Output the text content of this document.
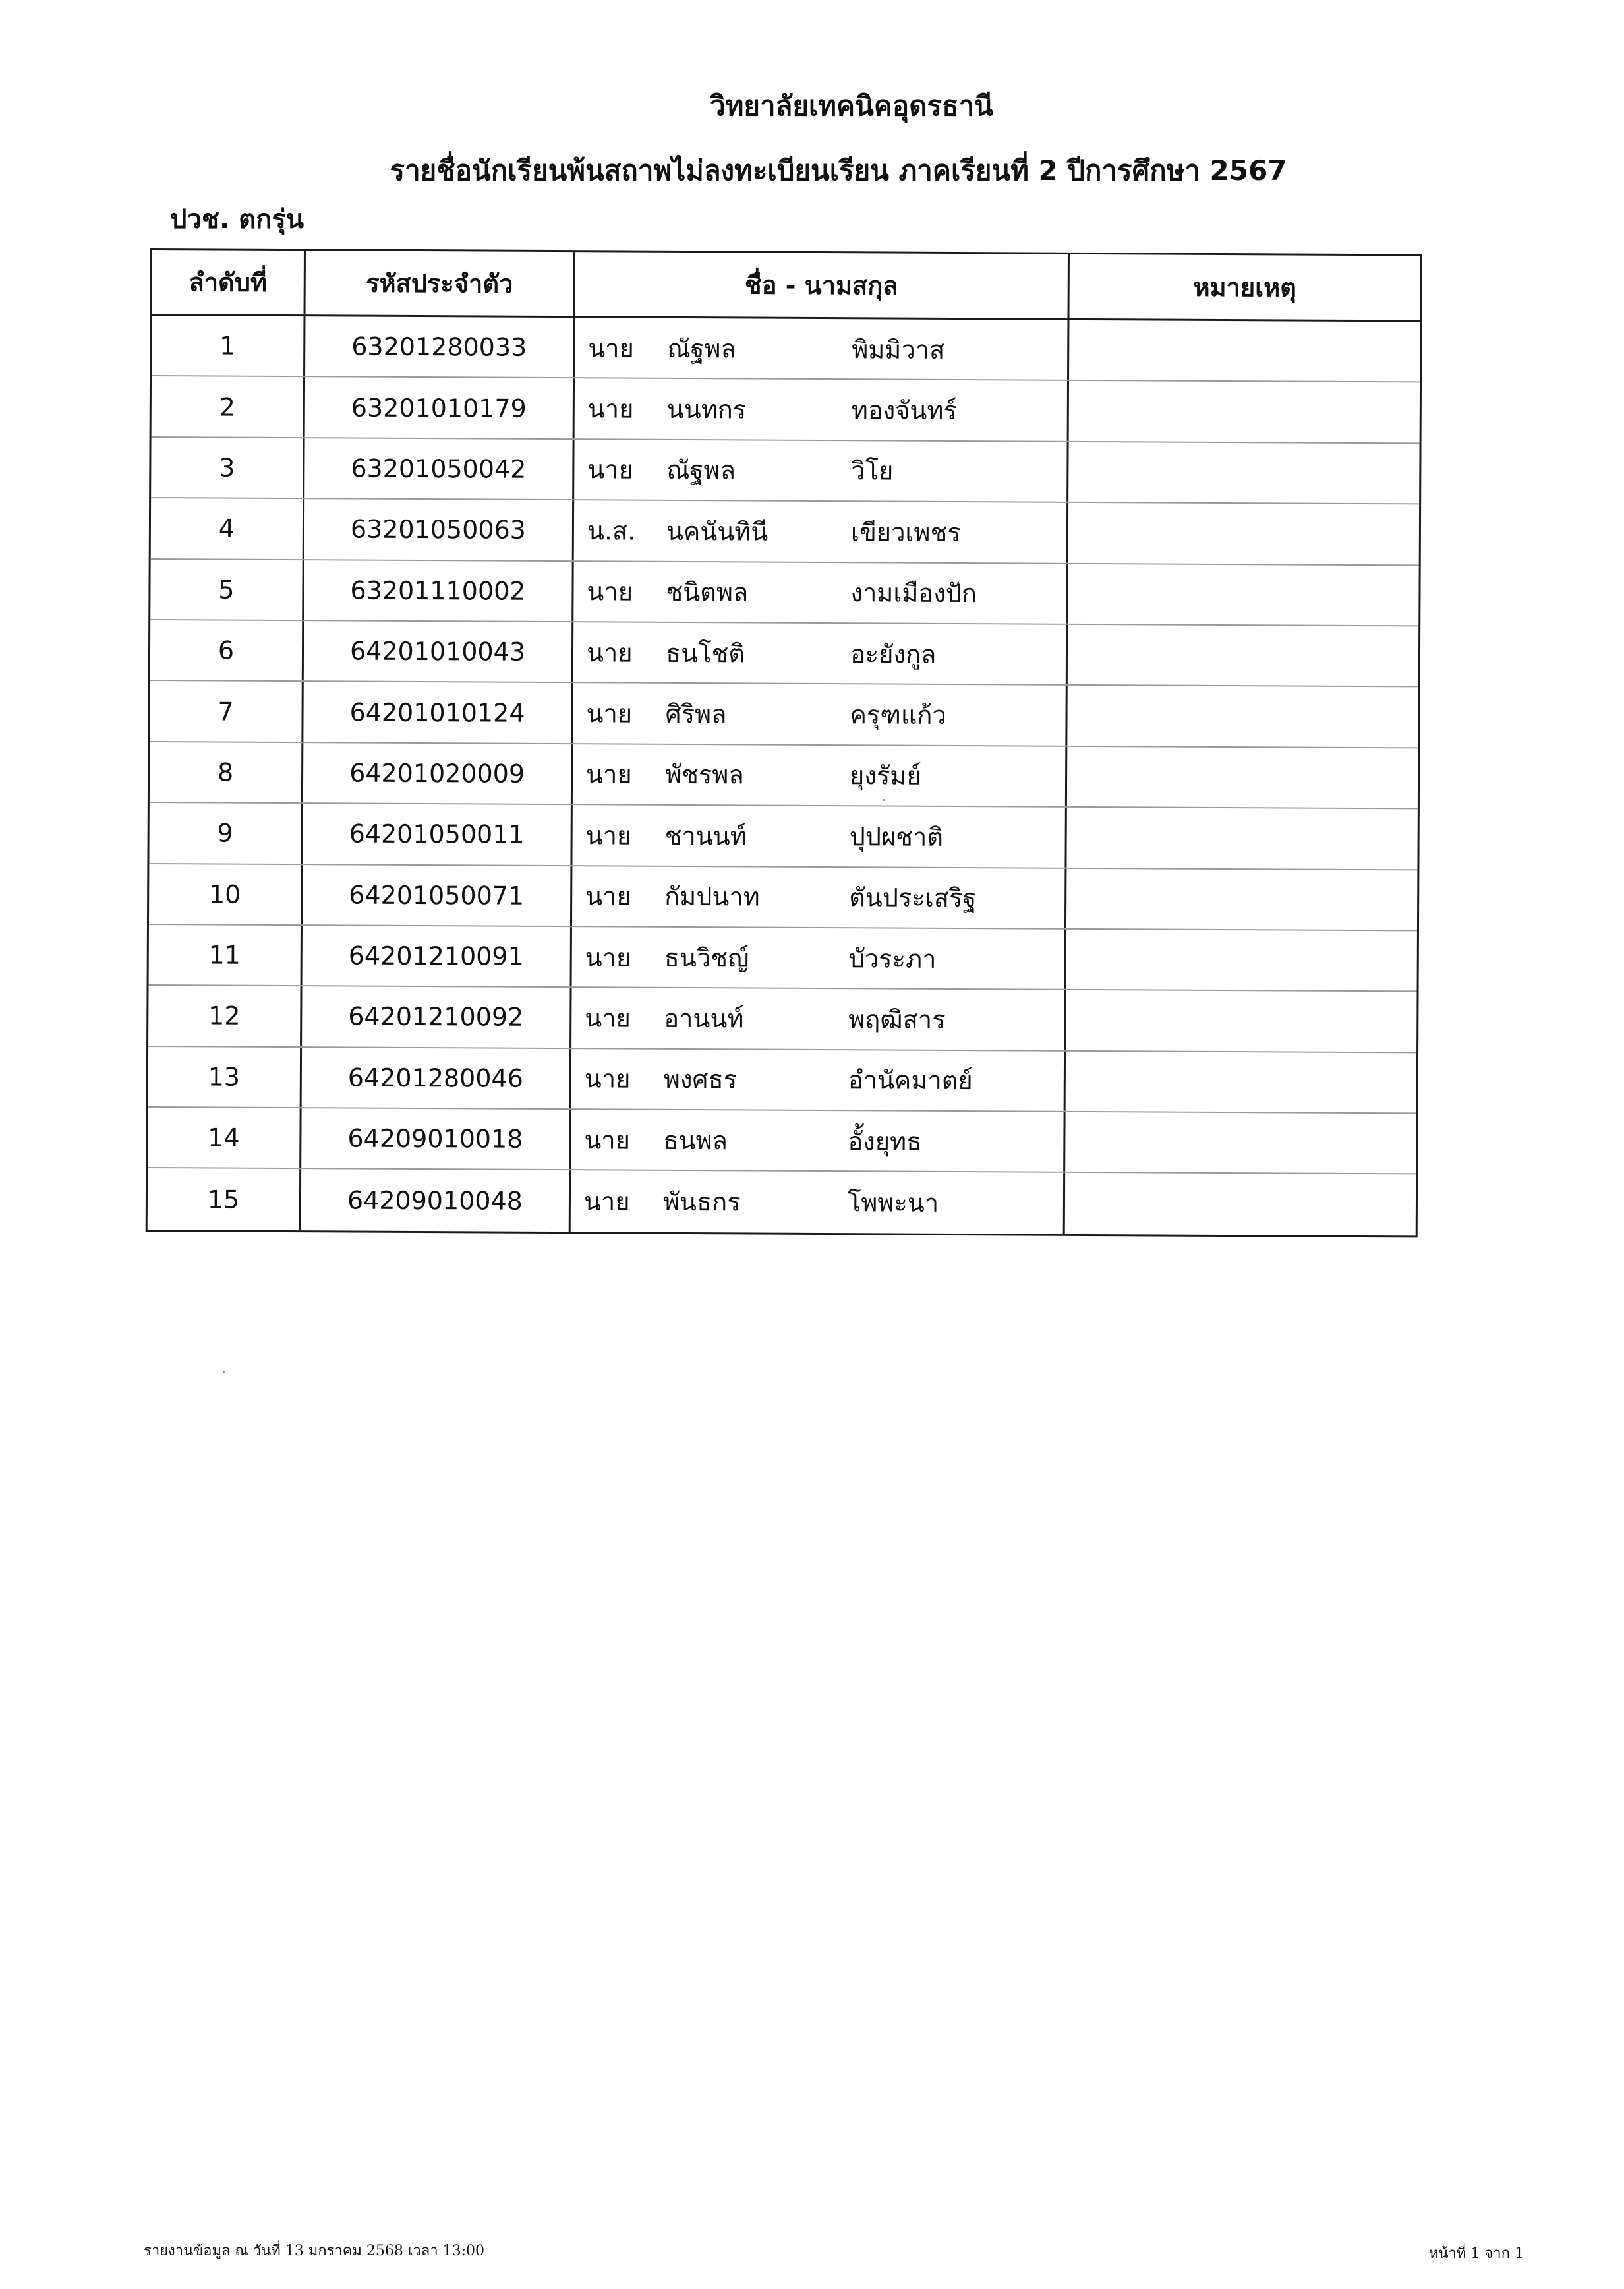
วิทยาลัยเทคนิคอุดรธานี
รายชื่อนักเรียนพ้นสถาพไม่ลงทะเบียนเรียน ภาคเรียนที่ 2 ปีการศึกษา 2567
ปวช. ตกรุ่น
ลำดับที่	รหัสประจำตัว	ชื่อ - นามสกุล	หมายเหตุ
1	63201280033	นาย	ณัฐพล	พิมมิวาส
2	63201010179	นาย	นนทกร	ทองจันทร์
3	63201050042	นาย	ณัฐพล	วิโย
4	63201050063	น.ส.	นคนันทินี	เขียวเพชร
5	63201110002	นาย	ชนิตพล	งามเมืองปัก
6	64201010043	นาย	ธนโชติ	อะยังกูล
7	64201010124	นาย	ศิริพล	ครุฑแก้ว
8	64201020009	นาย	พัชรพล	ยุงรัมย์
9	64201050011	นาย	ชานนท์	ปุปผชาติ
10	64201050071	นาย	กัมปนาท	ตันประเสริฐ
11	64201210091	นาย	ธนวิชญ์	บัวระภา
12	64201210092	นาย	อานนท์	พฤฒิสาร
13	64201280046	นาย	พงศธร	อำนัคมาตย์
14	64209010018	นาย	ธนพล	อั้งยุทธ
15	64209010048	นาย	พันธกร	โพพะนา
รายงานข้อมูล ณ วันที่ 13 มกราคม 2568 เวลา 13:00	หน้าที่ 1 จาก 1
